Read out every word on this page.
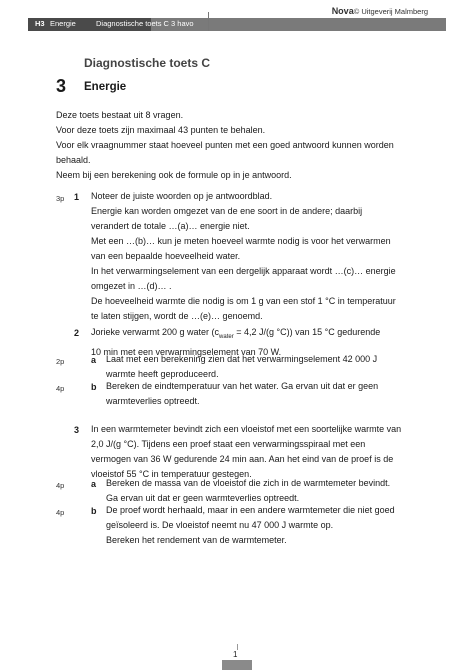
Nova© Uitgeverij Malmberg
H3 Energie	Diagnostische toets C 3 havo
Diagnostische toets C
3 Energie

Deze toets bestaat uit 8 vragen.

Voor deze toets zijn maximaal 43 punten te behalen.

Voor elk vraagnummer staat hoeveel punten met een goed antwoord kunnen worden

behaald.

Neem bij een berekening ook de formule op in je antwoord.

3p 1 Noteer de juiste woorden op je antwoordblad.
Energie kan worden omgezet van de ene soort in de andere; daarbij
verandert de totale …(a)… energie niet.
Met een …(b)… kun je meten hoeveel warmte nodig is voor het verwarmen
van een bepaalde hoeveelheid water.
In het verwarmingselement van een dergelijk apparaat wordt …(c)… energie
omgezet in …(d)… .
De hoeveelheid warmte die nodig is om 1 g van een stof 1 °C in temperatuur
te laten stijgen, wordt de …(e)… genoemd.
2 Jorieke verwarmt 200 g water ($c_{water} = 4,2$ J/(g °C)) van 15 °C gedurende
10 min met een verwarmingselement van 70 W.
2p	a Laat met een berekening zien dat het verwarmingselement 42 000 J
warmte heeft geproduceerd.
4p	b Bereken de eindtemperatuur van het water. Ga ervan uit dat er geen
warmteverlies optreedt.
3 In een warmtemeter bevindt zich een vloeistof met een soortelijke warmte van
2,0 J/(g °C). Tijdens een proef staat een verwarmingsspiraal met een
vermogen van 36 W gedurende 24 min aan. Aan het eind van de proef is de
vloeistof 55 °C in temperatuur gestegen.
4p	a Bereken de massa van de vloeistof die zich in de warmtemeter bevindt.
Ga ervan uit dat er geen warmteverlies optreedt.
4p	b De proef wordt herhaald, maar in een andere warmtemeter die niet goed
geïsoleerd is. De vloeistof neemt nu 47 000 J warmte op.
Bereken het rendement van de warmtemeter.
1
